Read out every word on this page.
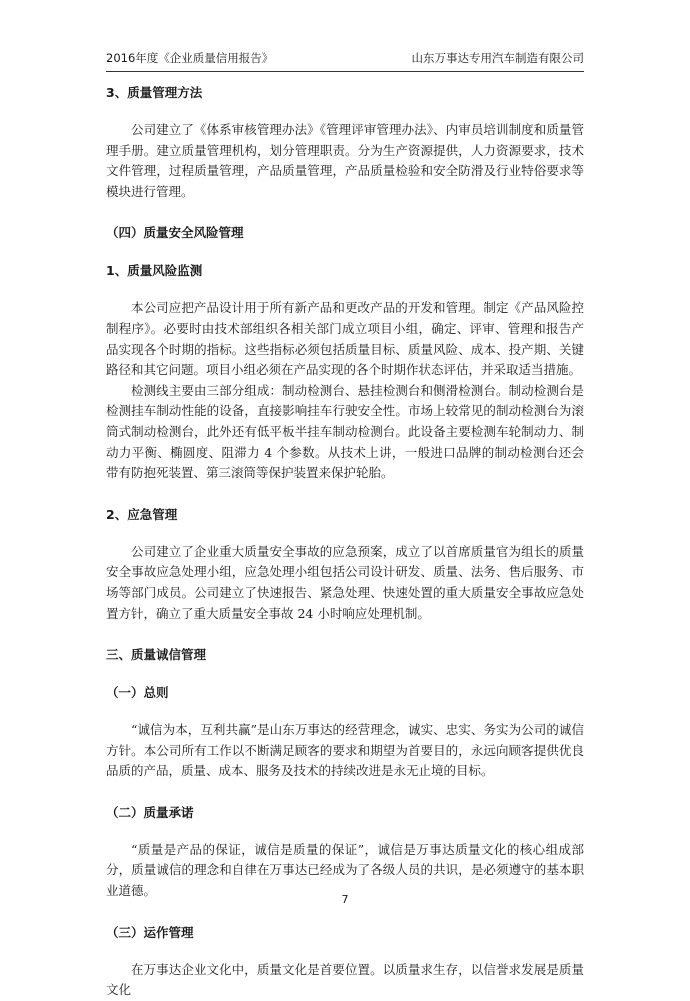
2016年度《企业质量信用报告》	山东万事达专用汽车制造有限公司

3、质量管理方法

公司建立了《体系审核管理办法》《管理评审管理办法》、内审员培训制度和质量管理手册。建立质量管理机构，划分管理职责。分为生产资源提供，人力资源要求，技术文件管理，过程质量管理，产品质量管理，产品质量检验和安全防滑及行业特俗要求等模块进行管理。

（四）质量安全风险管理

1、质量风险监测

本公司应把产品设计用于所有新产品和更改产品的开发和管理。制定《产品风险控制程序》。必要时由技术部组织各相关部门成立项目小组，确定、评审、管理和报告产品实现各个时期的指标。这些指标必须包括质量目标、质量风险、成本、投产期、关键路径和其它问题。项目小组必须在产品实现的各个时期作状态评估，并采取适当措施。

检测线主要由三部分组成：制动检测台、悬挂检测台和侧滑检测台。制动检测台是检测挂车制动性能的设备，直接影响挂车行驶安全性。市场上较常见的制动检测台为滚筒式制动检测台，此外还有低平板半挂车制动检测台。此设备主要检测车轮制动力、制动力平衡、椭圆度、阻滞力 4 个参数。从技术上讲，一般进口品牌的制动检测台还会带有防抱死装置、第三滚筒等保护装置来保护轮胎。

2、应急管理

公司建立了企业重大质量安全事故的应急预案，成立了以首席质量官为组长的质量安全事故应急处理小组，应急处理小组包括公司设计研发、质量、法务、售后服务、市场等部门成员。公司建立了快速报告、紧急处理、快速处置的重大质量安全事故应急处置方针，确立了重大质量安全事故 24 小时响应处理机制。

三、质量诚信管理

（一）总则

“诚信为本，互利共赢”是山东万事达的经营理念，诚实、忠实、务实为公司的诚信方针。本公司所有工作以不断满足顾客的要求和期望为首要目的，永远向顾客提供优良品质的产品，质量、成本、服务及技术的持续改进是永无止境的目标。

（二）质量承诺

“质量是产品的保证，诚信是质量的保证”，诚信是万事达质量文化的核心组成部分，质量诚信的理念和自律在万事达已经成为了各级人员的共识，是必须遵守的基本职业道德。

（三）运作管理

在万事达企业文化中，质量文化是首要位置。以质量求生存，以信誉求发展是质量文化

7
